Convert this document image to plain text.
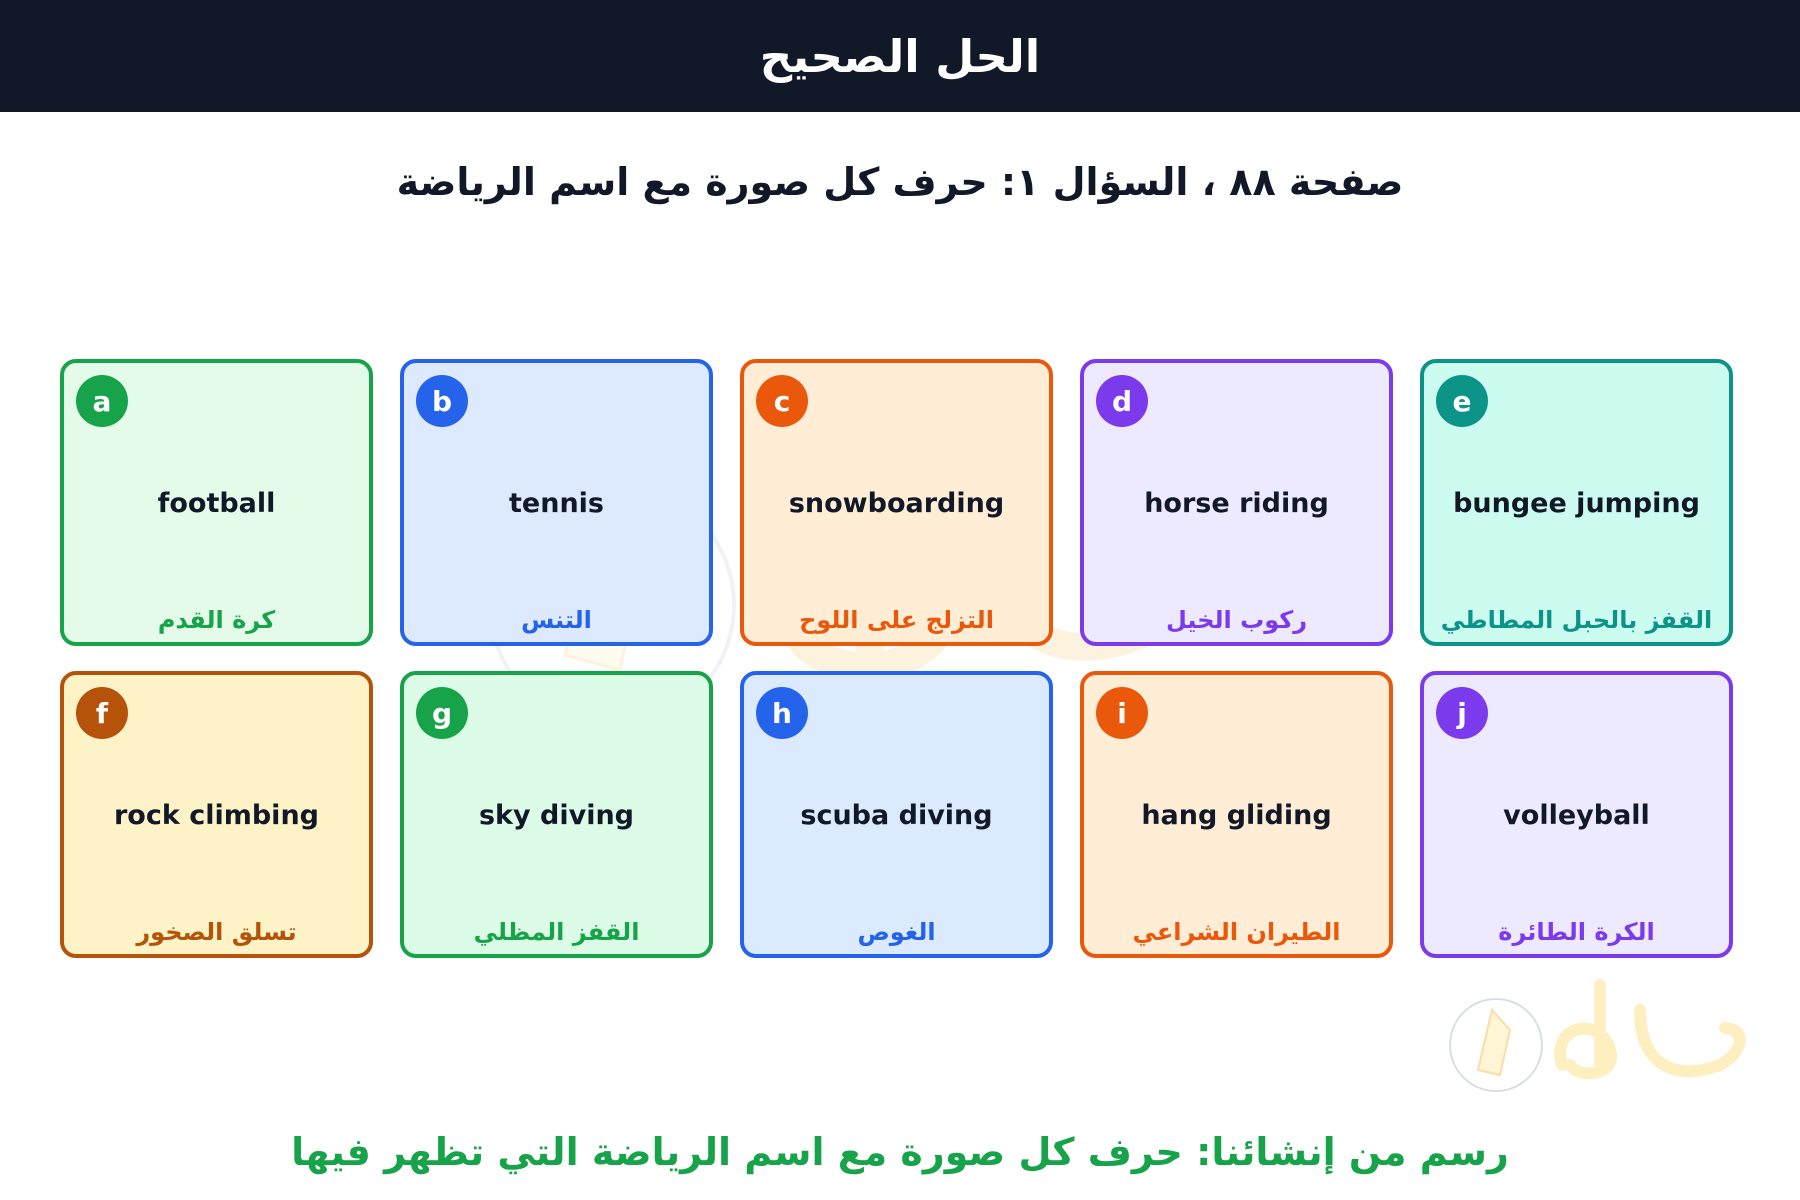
الحل الصحيح
صفحة ٨٨ ، السؤال ١: حرف كل صورة مع اسم الرياضة
a
football
كرة القدم
b
tennis
التنس
c
snowboarding
التزلج على اللوح
d
horse riding
ركوب الخيل
e
bungee jumping
القفز بالحبل المطاطي
f
rock climbing
تسلق الصخور
g
sky diving
القفز المظلي
h
scuba diving
الغوص
i
hang gliding
الطيران الشراعي
j
volleyball
الكرة الطائرة
رسم من إنشائنا: حرف كل صورة مع اسم الرياضة التي تظهر فيها
